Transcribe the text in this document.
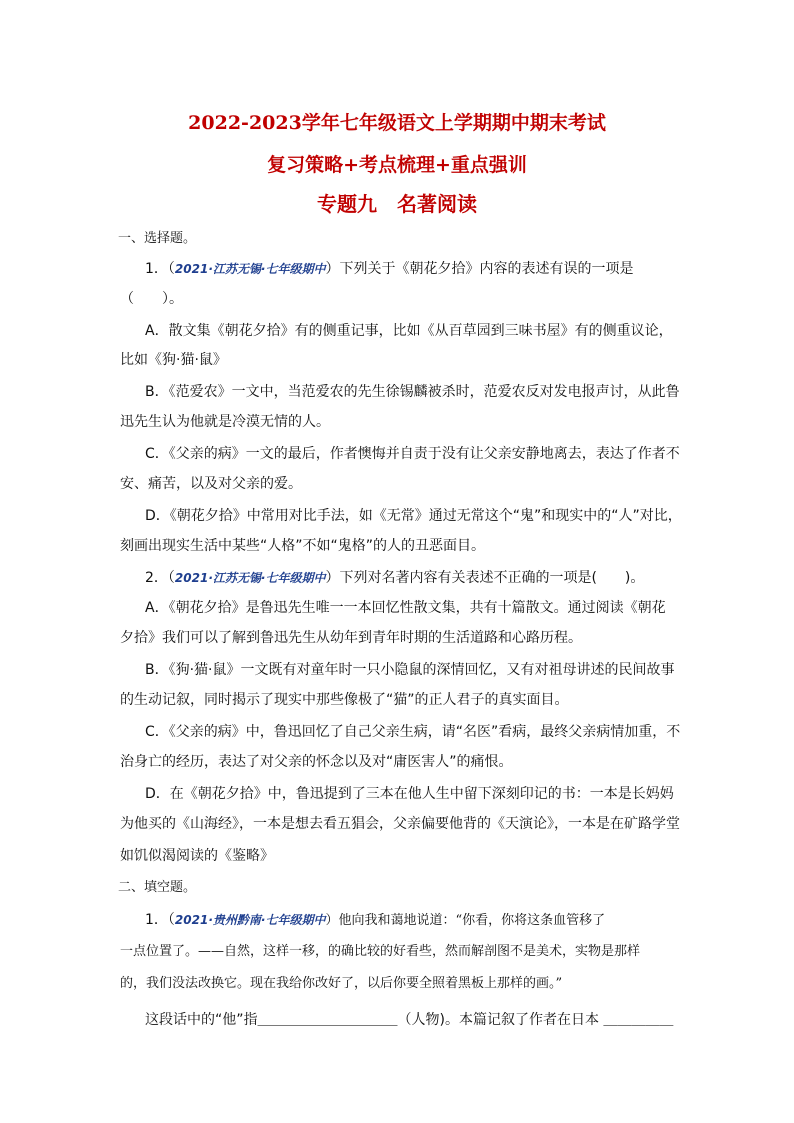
2022-2023学年七年级语文上学期期中期末考试
复习策略+考点梳理+重点强训
专题九　名著阅读
一、选择题。
1．（2021·江苏无锡·七年级期中）下列关于《朝花夕拾》内容的表述有误的一项是
（　　）。
A．散文集《朝花夕拾》有的侧重记事，比如《从百草园到三味书屋》有的侧重议论，
比如《狗·猫·鼠》
B．《范爱农》一文中，当范爱农的先生徐锡麟被杀时，范爱农反对发电报声讨，从此鲁
迅先生认为他就是冷漠无情的人。
C．《父亲的病》一文的最后，作者懊悔并自责于没有让父亲安静地离去，表达了作者不
安、痛苦，以及对父亲的爱。
D．《朝花夕拾》中常用对比手法，如《无常》通过无常这个“鬼”和现实中的“人”对比，
刻画出现实生活中某些“人格”不如“鬼格”的人的丑恶面目。
2．（2021·江苏无锡·七年级期中）下列对名著内容有关表述不正确的一项是(　　)。
A．《朝花夕拾》是鲁迅先生唯一一本回忆性散文集，共有十篇散文。通过阅读《朝花
夕拾》我们可以了解到鲁迅先生从幼年到青年时期的生活道路和心路历程。
B．《狗·猫·鼠》一文既有对童年时一只小隐鼠的深情回忆，又有对祖母讲述的民间故事
的生动记叙，同时揭示了现实中那些像极了“猫”的正人君子的真实面目。
C．《父亲的病》中，鲁迅回忆了自己父亲生病，请“名医”看病，最终父亲病情加重，不
治身亡的经历，表达了对父亲的怀念以及对“庸医害人”的痛恨。
D．在《朝花夕拾》中，鲁迅提到了三本在他人生中留下深刻印记的书：一本是长妈妈
为他买的《山海经》，一本是想去看五猖会，父亲偏要他背的《天演论》，一本是在矿路学堂
如饥似渴阅读的《鉴略》
二、填空题。
1．（2021·贵州黔南·七年级期中）他向我和蔼地说道：“你看，你将这条血管移了
一点位置了。——自然，这样一移，的确比较的好看些，然而解剖图不是美术，实物是那样
的，我们没法改换它。现在我给你改好了，以后你要全照着黑板上那样的画。”
这段话中的“他”指＿＿＿＿＿＿＿＿＿＿（人物)。本篇记叙了作者在日本 ＿＿＿＿＿
